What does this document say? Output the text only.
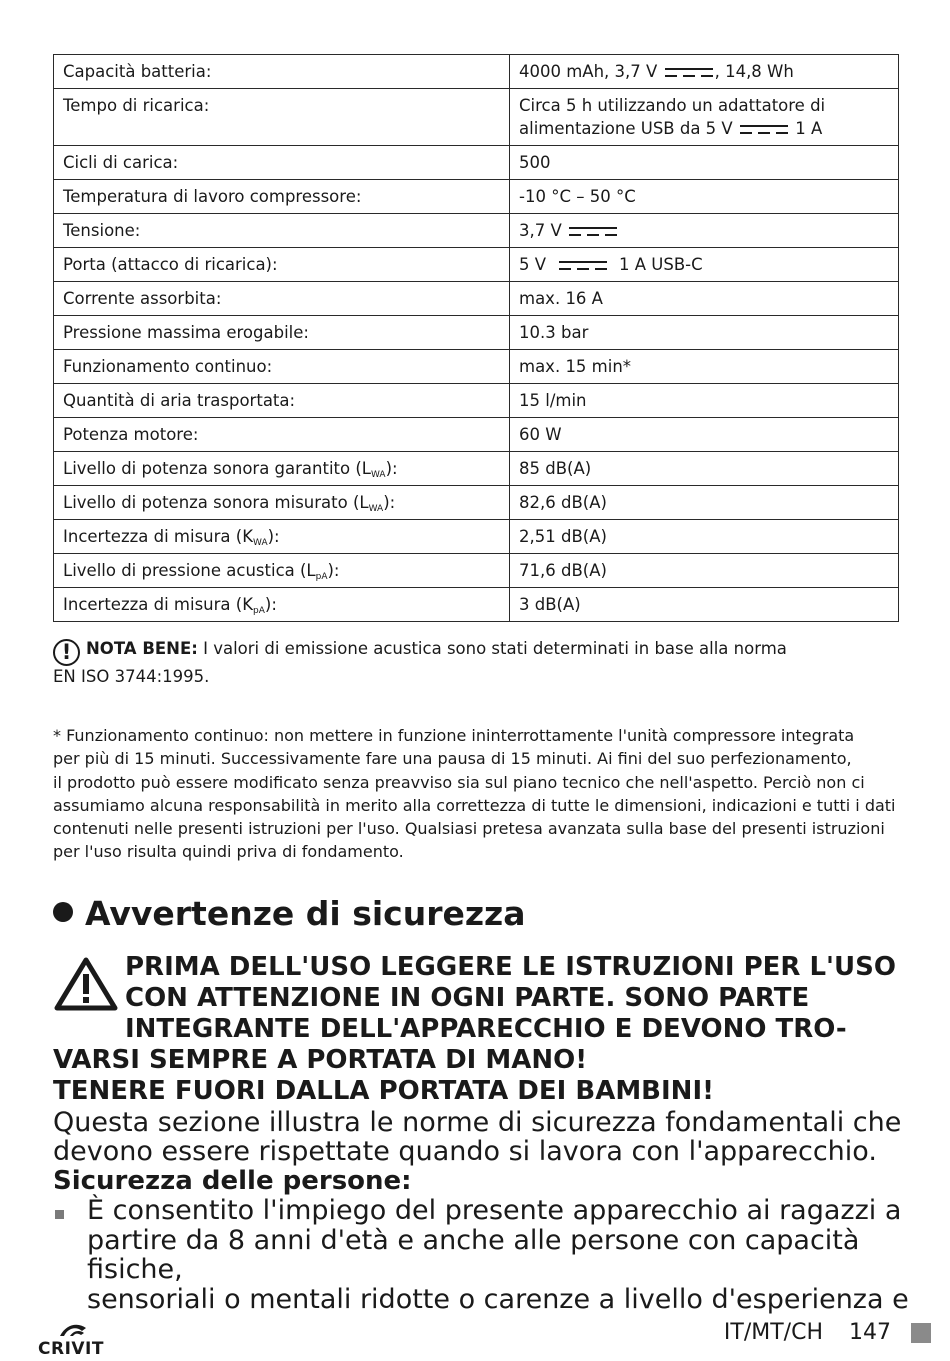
Capacità batteria:	4000 mAh, 3,7 V , 14,8 Wh
Tempo di ricarica:	Circa 5 h utilizzando un adattatore di
alimentazione USB da 5 V 1 A
Cicli di carica:	500
Temperatura di lavoro compressore:	-10 °C – 50 °C
Tensione:	3,7 V
Porta (attacco di ricarica):	5 V 1 A USB-C
Corrente assorbita:	max. 16 A
Pressione massima erogabile:	10.3 bar
Funzionamento continuo:	max. 15 min*
Quantità di aria trasportata:	15 l/min
Potenza motore:	60 W
Livello di potenza sonora garantito $(L_{WA})$:	85 dB(A)
Livello di potenza sonora misurato $(L_{WA})$:	82,6 dB(A)
Incertezza di misura $(K_{WA})$:	2,51 dB(A)
Livello di pressione acustica $(L_{pA})$:	71,6 dB(A)
Incertezza di misura $(K_{pA})$:	3 dB(A)
! NOTA BENE: I valori di emissione acustica sono stati determinati in base alla norma
EN ISO 3744:1995.

* Funzionamento continuo: non mettere in funzione ininterrottamente l'unità compressore integrata

per più di 15 minuti. Successivamente fare una pausa di 15 minuti. Ai fini del suo perfezionamento,

il prodotto può essere modificato senza preavviso sia sul piano tecnico che nell'aspetto. Perciò non ci

assumiamo alcuna responsabilità in merito alla correttezza di tutte le dimensioni, indicazioni e tutti i dati

contenuti nelle presenti istruzioni per l'uso. Qualsiasi pretesa avanzata sulla base del presenti istruzioni

per l'uso risulta quindi priva di fondamento.

Avvertenze di sicurezza

PRIMA DELL'USO LEGGERE LE ISTRUZIONI PER L'USO
CON ATTENZIONE IN OGNI PARTE. SONO PARTE
INTEGRANTE DELL'APPARECCHIO E DEVONO TRO-
VARSI SEMPRE A PORTATA DI MANO!
TENERE FUORI DALLA PORTATA DEI BAMBINI!

Questa sezione illustra le norme di sicurezza fondamentali che

devono essere rispettate quando si lavora con l'apparecchio.

Sicurezza delle persone:
È consentito l'impiego del presente apparecchio ai ragazzi a
partire da 8 anni d'età e anche alle persone con capacità fisiche,
sensoriali o mentali ridotte o carenze a livello d'esperienza e
CRIVIT
IT/MT/CH 147
